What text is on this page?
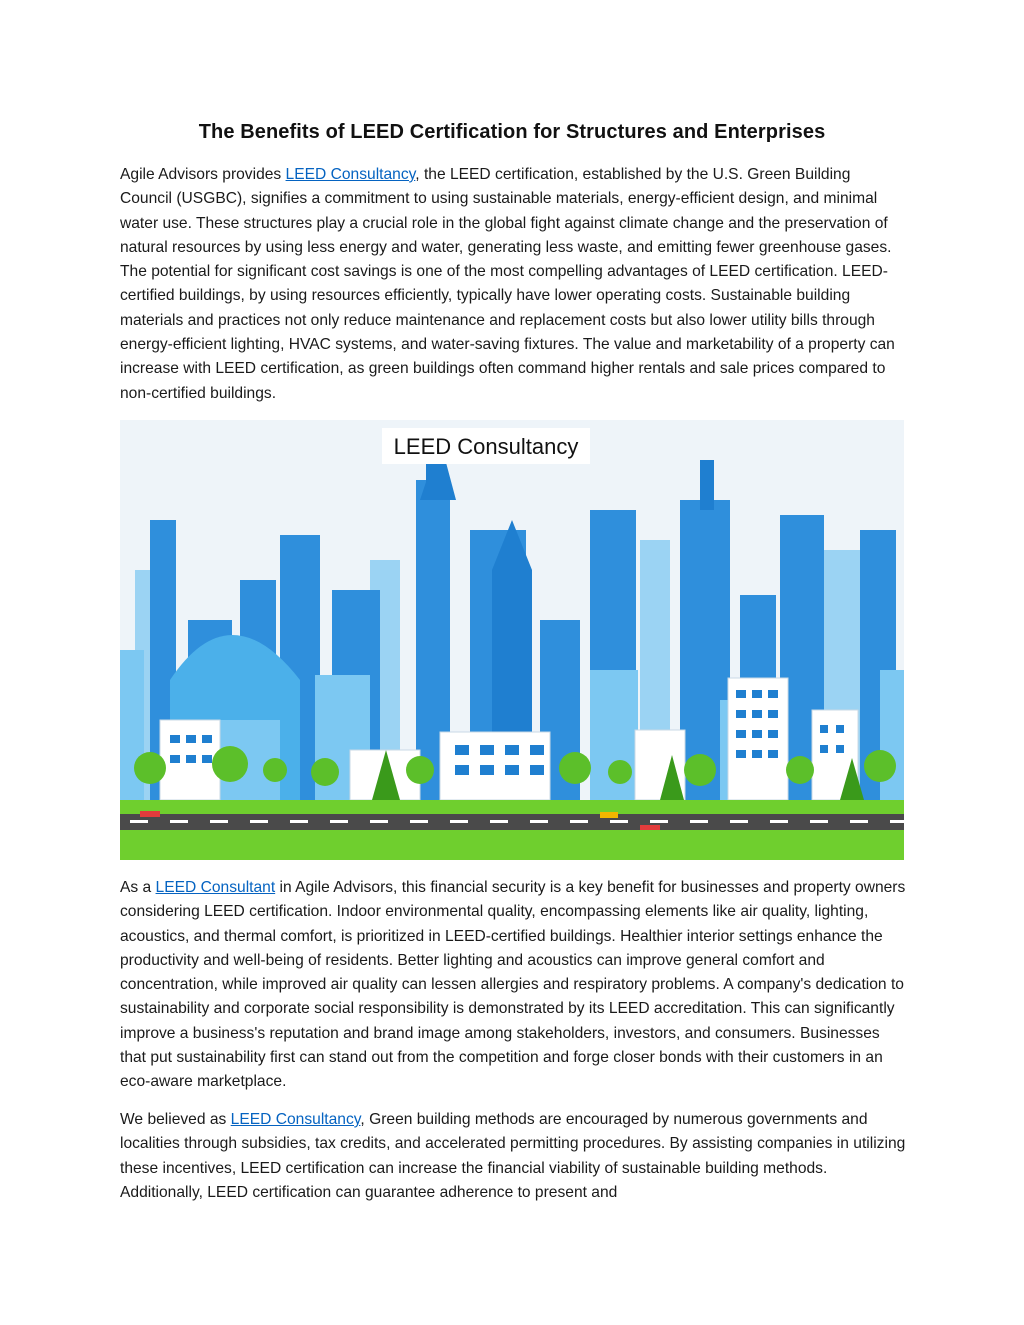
The Benefits of LEED Certification for Structures and Enterprises

Agile Advisors provides LEED Consultancy, the LEED certification, established by the U.S. Green Building Council (USGBC), signifies a commitment to using sustainable materials, energy-efficient design, and minimal water use. These structures play a crucial role in the global fight against climate change and the preservation of natural resources by using less energy and water, generating less waste, and emitting fewer greenhouse gases. The potential for significant cost savings is one of the most compelling advantages of LEED certification. LEED-certified buildings, by using resources efficiently, typically have lower operating costs. Sustainable building materials and practices not only reduce maintenance and replacement costs but also lower utility bills through energy-efficient lighting, HVAC systems, and water-saving fixtures. The value and marketability of a property can increase with LEED certification, as green buildings often command higher rentals and sale prices compared to non-certified buildings.

LEED Consultancy

As a LEED Consultant in Agile Advisors, this financial security is a key benefit for businesses and property owners considering LEED certification. Indoor environmental quality, encompassing elements like air quality, lighting, acoustics, and thermal comfort, is prioritized in LEED-certified buildings. Healthier interior settings enhance the productivity and well-being of residents. Better lighting and acoustics can improve general comfort and concentration, while improved air quality can lessen allergies and respiratory problems. A company's dedication to sustainability and corporate social responsibility is demonstrated by its LEED accreditation. This can significantly improve a business's reputation and brand image among stakeholders, investors, and consumers. Businesses that put sustainability first can stand out from the competition and forge closer bonds with their customers in an eco-aware marketplace.

We believed as LEED Consultancy, Green building methods are encouraged by numerous governments and localities through subsidies, tax credits, and accelerated permitting procedures. By assisting companies in utilizing these incentives, LEED certification can increase the financial viability of sustainable building methods. Additionally, LEED certification can guarantee adherence to present and
